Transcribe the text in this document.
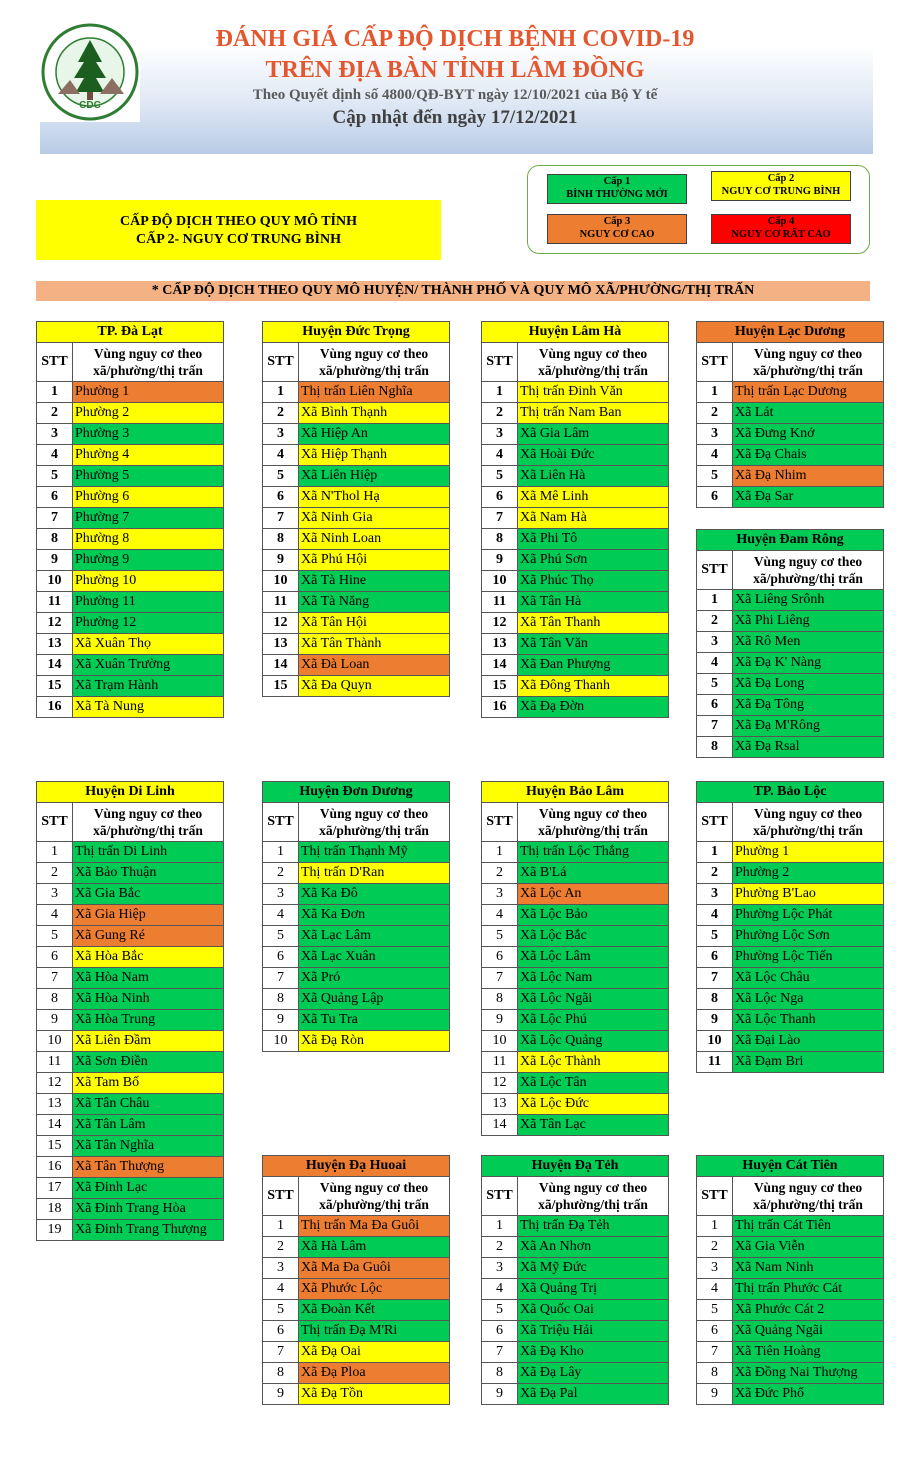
CDC
ĐÁNH GIÁ CẤP ĐỘ DỊCH BỆNH COVID-19
TRÊN ĐỊA BÀN TỈNH LÂM ĐỒNG
Theo Quyết định số 4800/QĐ-BYT ngày 12/10/2021 của Bộ Y tế
Cập nhật đến ngày 17/12/2021
Cấp 1
BÌNH THƯỜNG MỚI
Cấp 2
NGUY CƠ TRUNG BÌNH
Cấp 3
NGUY CƠ CAO
Cấp 4
NGUY CƠ RẤT CAO
CẤP ĐỘ DỊCH THEO QUY MÔ TỈNH
CẤP 2- NGUY CƠ TRUNG BÌNH
* CẤP ĐỘ DỊCH THEO QUY MÔ HUYỆN/ THÀNH PHỐ VÀ QUY MÔ XÃ/PHƯỜNG/THỊ TRẤN
TP. Đà Lạt	
STT	Vùng nguy cơ theo xã/phường/thị trấn
1	Phường 1
2	Phường 2
3	Phường 3
4	Phường 4
5	Phường 5
6	Phường 6
7	Phường 7
8	Phường 8
9	Phường 9
10	Phường 10
11	Phường 11
12	Phường 12
13	Xã Xuân Thọ
14	Xã Xuân Trường
15	Xã Trạm Hành
16	Xã Tà Nung
Huyện Đức Trọng	
STT	Vùng nguy cơ theo xã/phường/thị trấn
1	Thị trấn Liên Nghĩa
2	Xã Bình Thạnh
3	Xã Hiệp An
4	Xã Hiệp Thạnh
5	Xã Liên Hiệp
6	Xã N'Thol Hạ
7	Xã Ninh Gia
8	Xã Ninh Loan
9	Xã Phú Hội
10	Xã Tà Hine
11	Xã Tà Năng
12	Xã Tân Hội
13	Xã Tân Thành
14	Xã Đà Loan
15	Xã Đa Quyn
Huyện Lâm Hà	
STT	Vùng nguy cơ theo xã/phường/thị trấn
1	Thị trấn Đinh Văn
2	Thị trấn Nam Ban
3	Xã Gia Lâm
4	Xã Hoài Đức
5	Xã Liên Hà
6	Xã Mê Linh
7	Xã Nam Hà
8	Xã Phi Tô
9	Xã Phú Sơn
10	Xã Phúc Thọ
11	Xã Tân Hà
12	Xã Tân Thanh
13	Xã Tân Văn
14	Xã Đan Phượng
15	Xã Đông Thanh
16	Xã Đạ Đờn
Huyện Lạc Dương	
STT	Vùng nguy cơ theo xã/phường/thị trấn
1	Thị trấn Lạc Dương
2	Xã Lát
3	Xã Đưng Knớ
4	Xã Đạ Chais
5	Xã Đạ Nhim
6	Xã Đạ Sar
Huyện Đam Rông	
STT	Vùng nguy cơ theo xã/phường/thị trấn
1	Xã Liêng Srônh
2	Xã Phi Liêng
3	Xã Rô Men
4	Xã Đạ K' Nàng
5	Xã Đạ Long
6	Xã Đạ Tông
7	Xã Đạ M'Rông
8	Xã Đạ Rsal
Huyện Di Linh	
STT	Vùng nguy cơ theo xã/phường/thị trấn
1	Thị trấn Di Linh
2	Xã Bảo Thuận
3	Xã Gia Bắc
4	Xã Gia Hiệp
5	Xã Gung Ré
6	Xã Hòa Bắc
7	Xã Hòa Nam
8	Xã Hòa Ninh
9	Xã Hòa Trung
10	Xã Liên Đầm
11	Xã Sơn Điền
12	Xã Tam Bố
13	Xã Tân Châu
14	Xã Tân Lâm
15	Xã Tân Nghĩa
16	Xã Tân Thượng
17	Xã Đinh Lạc
18	Xã Đinh Trang Hòa
19	Xã Đinh Trang Thượng
Huyện Đơn Dương	
STT	Vùng nguy cơ theo xã/phường/thị trấn
1	Thị trấn Thạnh Mỹ
2	Thị trấn D'Ran
3	Xã Ka Đô
4	Xã Ka Đơn
5	Xã Lạc Lâm
6	Xã Lạc Xuân
7	Xã Pró
8	Xã Quảng Lập
9	Xã Tu Tra
10	Xã Đạ Ròn
Huyện Bảo Lâm	
STT	Vùng nguy cơ theo xã/phường/thị trấn
1	Thị trấn Lộc Thắng
2	Xã B'Lá
3	Xã Lộc An
4	Xã Lộc Bảo
5	Xã Lộc Bắc
6	Xã Lộc Lâm
7	Xã Lộc Nam
8	Xã Lộc Ngãi
9	Xã Lộc Phú
10	Xã Lộc Quảng
11	Xã Lộc Thành
12	Xã Lộc Tân
13	Xã Lộc Đức
14	Xã Tân Lạc
TP. Bảo Lộc	
STT	Vùng nguy cơ theo xã/phường/thị trấn
1	Phường 1
2	Phường 2
3	Phường B'Lao
4	Phường Lộc Phát
5	Phường Lộc Sơn
6	Phường Lộc Tiến
7	Xã Lộc Châu
8	Xã Lộc Nga
9	Xã Lộc Thanh
10	Xã Đại Lào
11	Xã Đạm Bri
Huyện Đạ Huoai	
STT	Vùng nguy cơ theo xã/phường/thị trấn
1	Thị trấn Ma Đa Guôi
2	Xã Hà Lâm
3	Xã Ma Đa Guôi
4	Xã Phước Lộc
5	Xã Đoàn Kết
6	Thị trấn Đạ M'Ri
7	Xã Đạ Oai
8	Xã Đạ Ploa
9	Xã Đạ Tồn
Huyện Đạ Tẻh	
STT	Vùng nguy cơ theo xã/phường/thị trấn
1	Thị trấn Đạ Tẻh
2	Xã An Nhơn
3	Xã Mỹ Đức
4	Xã Quảng Trị
5	Xã Quốc Oai
6	Xã Triệu Hải
7	Xã Đạ Kho
8	Xã Đạ Lây
9	Xã Đạ Pal
Huyện Cát Tiên	
STT	Vùng nguy cơ theo xã/phường/thị trấn
1	Thị trấn Cát Tiên
2	Xã Gia Viễn
3	Xã Nam Ninh
4	Thị trấn Phước Cát
5	Xã Phước Cát 2
6	Xã Quảng Ngãi
7	Xã Tiên Hoàng
8	Xã Đồng Nai Thượng
9	Xã Đức Phổ
